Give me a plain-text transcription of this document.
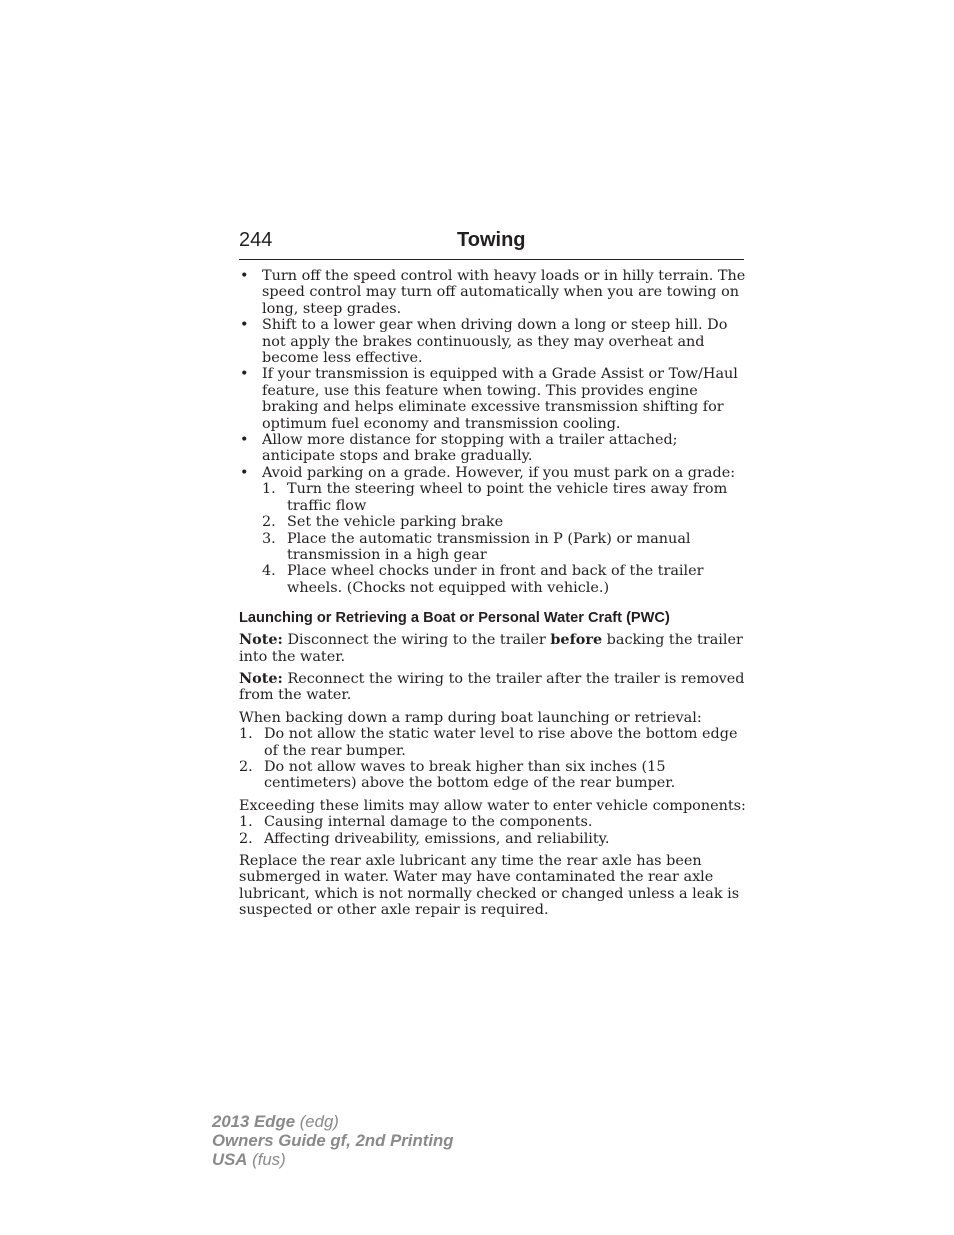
244	Towing
• Turn off the speed control with heavy loads or in hilly terrain. The speed control may turn off automatically when you are towing on long, steep grades.
• Shift to a lower gear when driving down a long or steep hill. Do not apply the brakes continuously, as they may overheat and become less effective.
• If your transmission is equipped with a Grade Assist or Tow/Haul feature, use this feature when towing. This provides engine braking and helps eliminate excessive transmission shifting for optimum fuel economy and transmission cooling.
• Allow more distance for stopping with a trailer attached; anticipate stops and brake gradually.
• Avoid parking on a grade. However, if you must park on a grade:
1. Turn the steering wheel to point the vehicle tires away from traffic flow
2. Set the vehicle parking brake
3. Place the automatic transmission in P (Park) or manual transmission in a high gear
4. Place wheel chocks under in front and back of the trailer wheels. (Chocks not equipped with vehicle.)
Launching or Retrieving a Boat or Personal Water Craft (PWC)

Note: Disconnect the wiring to the trailer before backing the trailer into the water.

Note: Reconnect the wiring to the trailer after the trailer is removed from the water.

When backing down a ramp during boat launching or retrieval:

1. Do not allow the static water level to rise above the bottom edge of the rear bumper.
2. Do not allow waves to break higher than six inches (15 centimeters) above the bottom edge of the rear bumper.

Exceeding these limits may allow water to enter vehicle components:

1. Causing internal damage to the components.
2. Affecting driveability, emissions, and reliability.

Replace the rear axle lubricant any time the rear axle has been submerged in water. Water may have contaminated the rear axle lubricant, which is not normally checked or changed unless a leak is suspected or other axle repair is required.

2013 Edge (edg)
Owners Guide gf, 2nd Printing
USA (fus)
